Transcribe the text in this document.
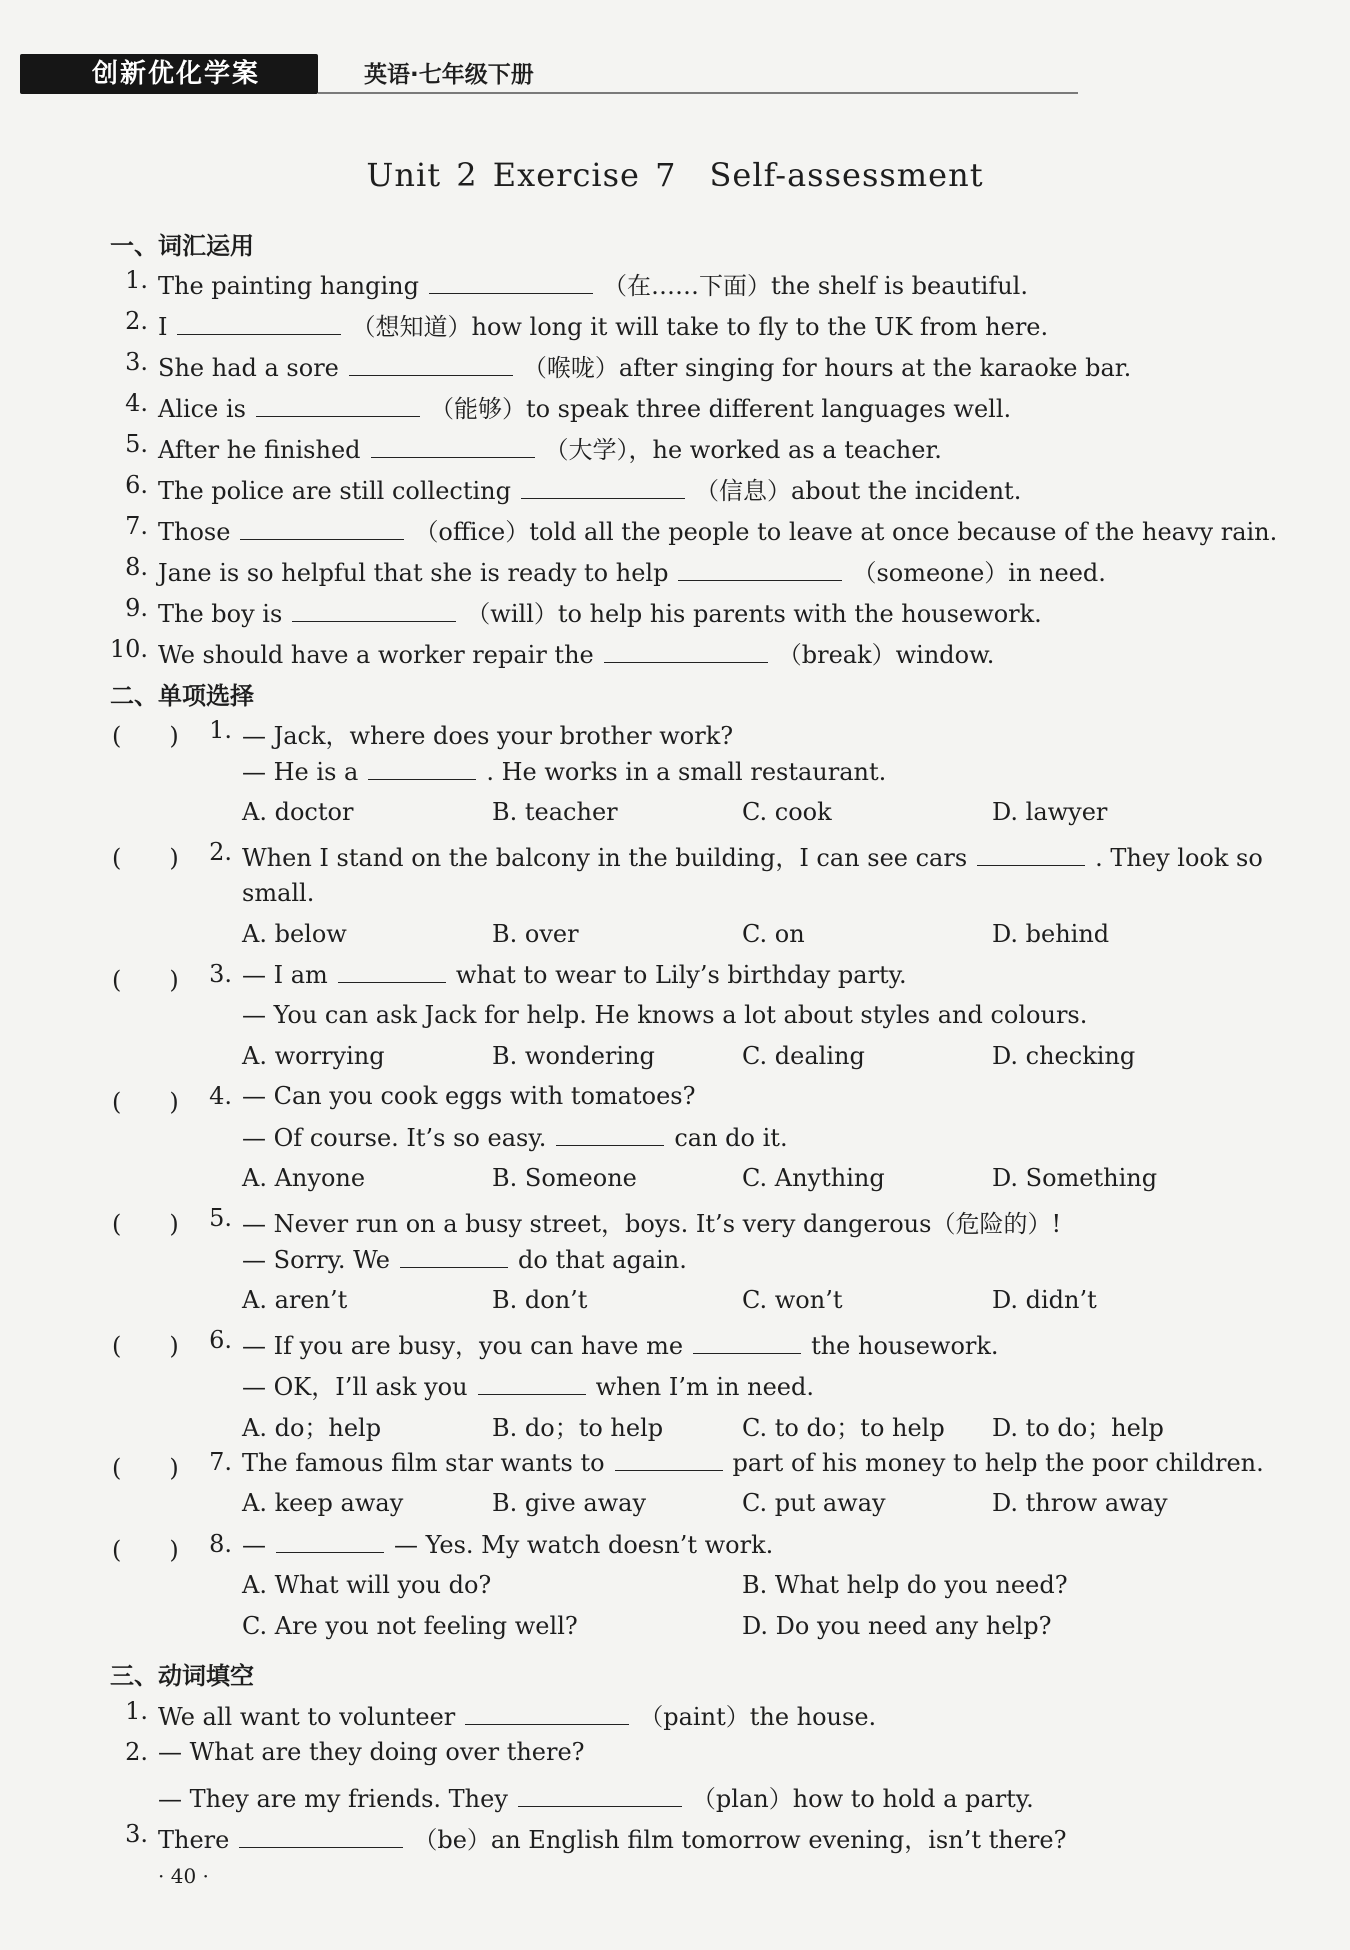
创新优化学案	英语·七年级下册
Unit 2 Exercise 7　Self-assessment
一、词汇运用
1. The painting hanging	（在……下面）the shelf is beautiful.
2. I	（想知道）how long it will take to fly to the UK from here.
3. She had a sore	（喉咙）after singing for hours at the karaoke bar.
4. Alice is	（能够）to speak three different languages well.
5. After he finished	（大学），he worked as a teacher.
6. The police are still collecting	（信息）about the incident.
7. Those	（office）told all the people to leave at once because of the heavy rain.
8. Jane is so helpful that she is ready to help	（someone）in need.
9. The boy is	（will）to help his parents with the housework.
10. We should have a worker repair the	（break）window.
二、单项选择
(　　)	1. — Jack，where does your brother work?
— He is a	. He works in a small restaurant.
A. doctor	B. teacher	C. cook	D. lawyer
(　　)	2. When I stand on the balcony in the building，I can see cars	. They look so
small.
A. below	B. over	C. on	D. behind
(　　)	3. — I am	what to wear to Lily’s birthday party.
— You can ask Jack for help. He knows a lot about styles and colours.
A. worrying	B. wondering	C. dealing	D. checking
(　　)	4. — Can you cook eggs with tomatoes?
— Of course. It’s so easy.	can do it.
A. Anyone	B. Someone	C. Anything	D. Something
(　　)	5. — Never run on a busy street，boys. It’s very dangerous（危险的）!
— Sorry. We	do that again.
A. aren’t	B. don’t	C. won’t	D. didn’t
(　　)	6. — If you are busy，you can have me	the housework.
— OK，I’ll ask you	when I’m in need.
A. do；help	B. do；to help	C. to do；to help D. to do；help
(　　)	7. The famous film star wants to	part of his money to help the poor children.
A. keep away	B. give away	C. put away	D. throw away
(　　)	8. —	— Yes. My watch doesn’t work.
A. What will you do?	B. What help do you need?
C. Are you not feeling well?	D. Do you need any help?
三、动词填空
1. We all want to volunteer	（paint）the house.
2. — What are they doing over there?
— They are my friends. They	（plan）how to hold a party.
3. There	（be）an English film tomorrow evening，isn’t there?
· 40 ·
